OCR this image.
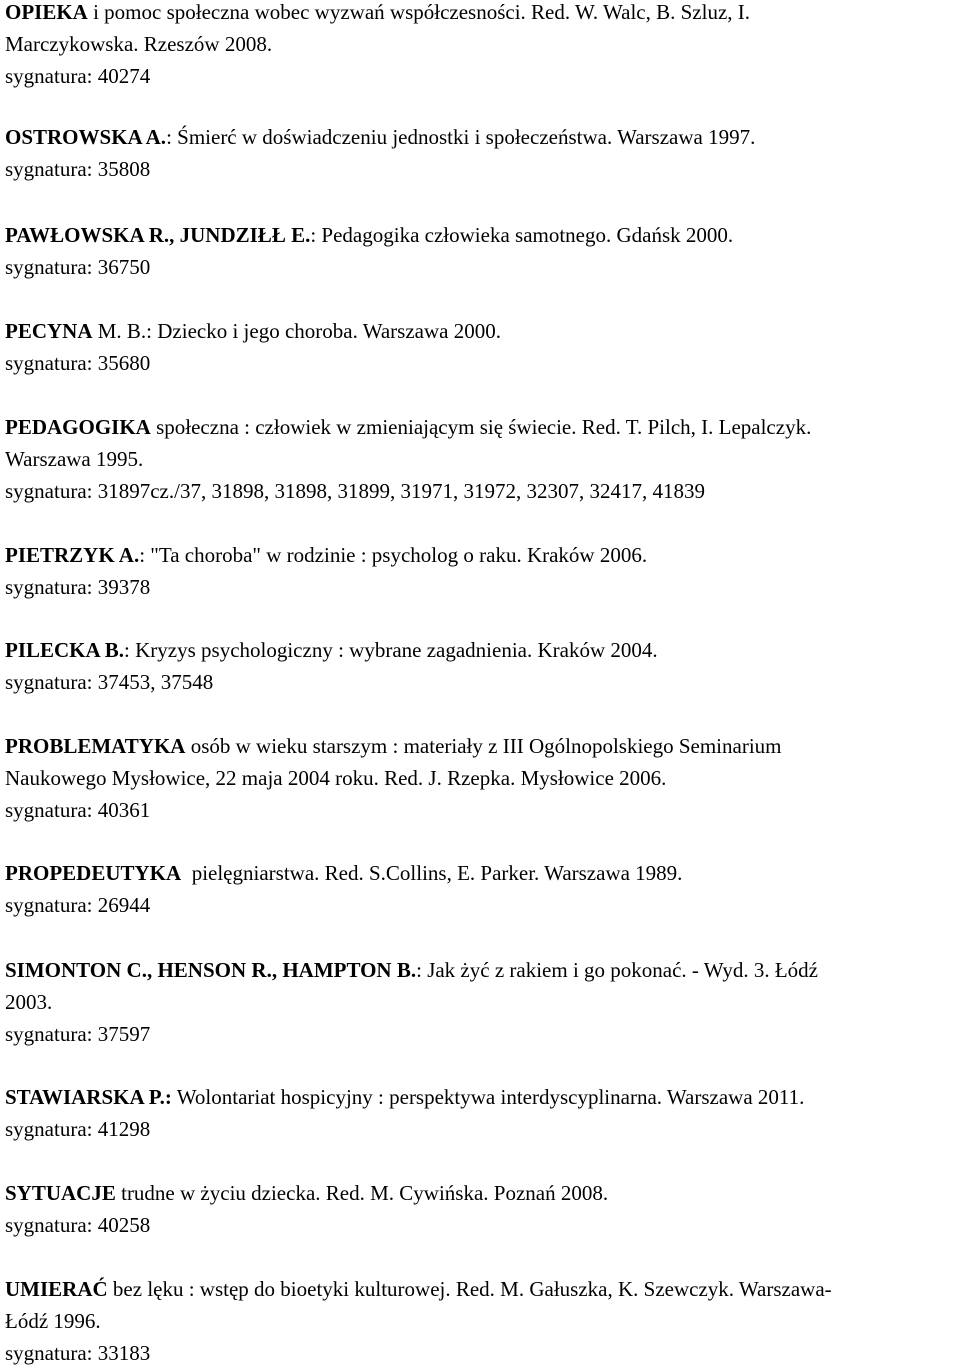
OPIEKA i pomoc społeczna wobec wyzwań współczesności. Red. W. Walc, B. Szluz, I.
Marczykowska. Rzeszów 2008.
sygnatura: 40274

OSTROWSKA A.: Śmierć w doświadczeniu jednostki i społeczeństwa. Warszawa 1997.
sygnatura: 35808

PAWŁOWSKA R., JUNDZIŁŁ E.: Pedagogika człowieka samotnego. Gdańsk 2000.
sygnatura: 36750

PECYNA M. B.: Dziecko i jego choroba. Warszawa 2000.
sygnatura: 35680

PEDAGOGIKA społeczna : człowiek w zmieniającym się świecie. Red. T. Pilch, I. Lepalczyk.
Warszawa 1995.
sygnatura: 31897cz./37, 31898, 31898, 31899, 31971, 31972, 32307, 32417, 41839

PIETRZYK A.: "Ta choroba" w rodzinie : psycholog o raku. Kraków 2006.
sygnatura: 39378

PILECKA B.: Kryzys psychologiczny : wybrane zagadnienia. Kraków 2004.
sygnatura: 37453, 37548

PROBLEMATYKA osób w wieku starszym : materiały z III Ogólnopolskiego Seminarium
Naukowego Mysłowice, 22 maja 2004 roku. Red. J. Rzepka. Mysłowice 2006.
sygnatura: 40361

PROPEDEUTYKA  pielęgniarstwa. Red. S.Collins, E. Parker. Warszawa 1989.
sygnatura: 26944

SIMONTON C., HENSON R., HAMPTON B.: Jak żyć z rakiem i go pokonać. - Wyd. 3. Łódź
2003.
sygnatura: 37597

STAWIARSKA P.: Wolontariat hospicyjny : perspektywa interdyscyplinarna. Warszawa 2011.
sygnatura: 41298

SYTUACJE trudne w życiu dziecka. Red. M. Cywińska. Poznań 2008.
sygnatura: 40258

UMIERAĆ bez lęku : wstęp do bioetyki kulturowej. Red. M. Gałuszka, K. Szewczyk. Warszawa-
Łódź 1996.
sygnatura: 33183
